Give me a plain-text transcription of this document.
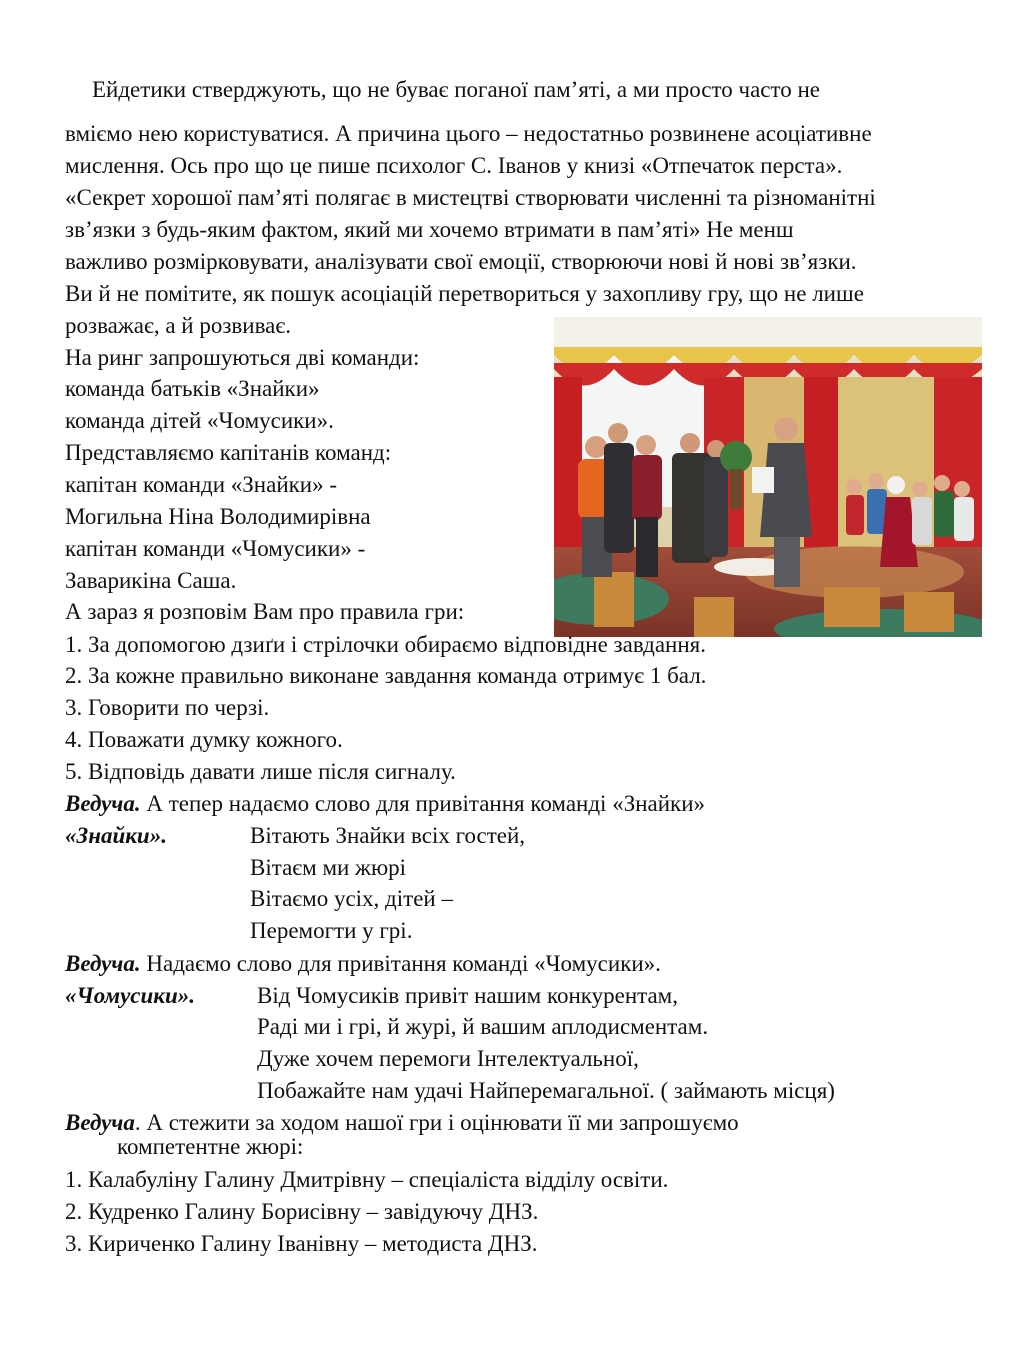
Ейдетики стверджують, що не буває поганої пам’яті, а ми просто часто не
вміємо нею користуватися. А причина цього – недостатньо розвинене асоціативне
мислення. Ось про що це пише психолог С. Іванов у книзі «Отпечаток перста».
«Секрет хорошої пам’яті полягає в мистецтві створювати численні та різноманітні
зв’язки з будь-яким фактом, який ми хочемо втримати в пам’яті» Не менш
важливо розмірковувати, аналізувати свої емоції, створюючи нові й нові зв’язки.
Ви й не помітите, як пошук асоціацій перетвориться у захопливу гру, що не лише
розважає, а й розвиває.
На ринг запрошуються дві команди:
команда батьків «Знайки»
команда дітей «Чомусики».
Представляємо капітанів команд:
капітан команди «Знайки» -
Могильна Ніна Володимирівна
капітан команди «Чомусики» -
Заварикіна Саша.
А зараз я розповім Вам про правила гри:
1. За допомогою дзиґи і стрілочки обираємо відповідне завдання.
2. За кожне правильно виконане завдання команда отримує 1 бал.
3. Говорити по черзі.
4. Поважати думку кожного.
5. Відповідь давати лише після сигналу.
Ведуча. А тепер надаємо слово для привітання команді «Знайки»
«Знайки».	Вітають Знайки всіх гостей,
Вітаєм ми жюрі
Вітаємо усіх, дітей –
Перемогти у грі.
Ведуча. Надаємо слово для привітання команді «Чомусики».
«Чомусики».	Від Чомусиків привіт нашим конкурентам,
Раді ми і грі, й журі, й вашим аплодисментам.
Дуже хочем перемоги Інтелектуальної,
Побажайте нам удачі Найперемагальної. ( займають місця)
Ведуча. А стежити за ходом нашої гри і оцінювати її ми запрошуємо
компетентне жюрі:
1. Калабуліну Галину Дмитрівну – спеціаліста відділу освіти.
2. Кудренко Галину Борисівну – завідуючу ДНЗ.
3. Кириченко Галину Іванівну – методиста ДНЗ.
